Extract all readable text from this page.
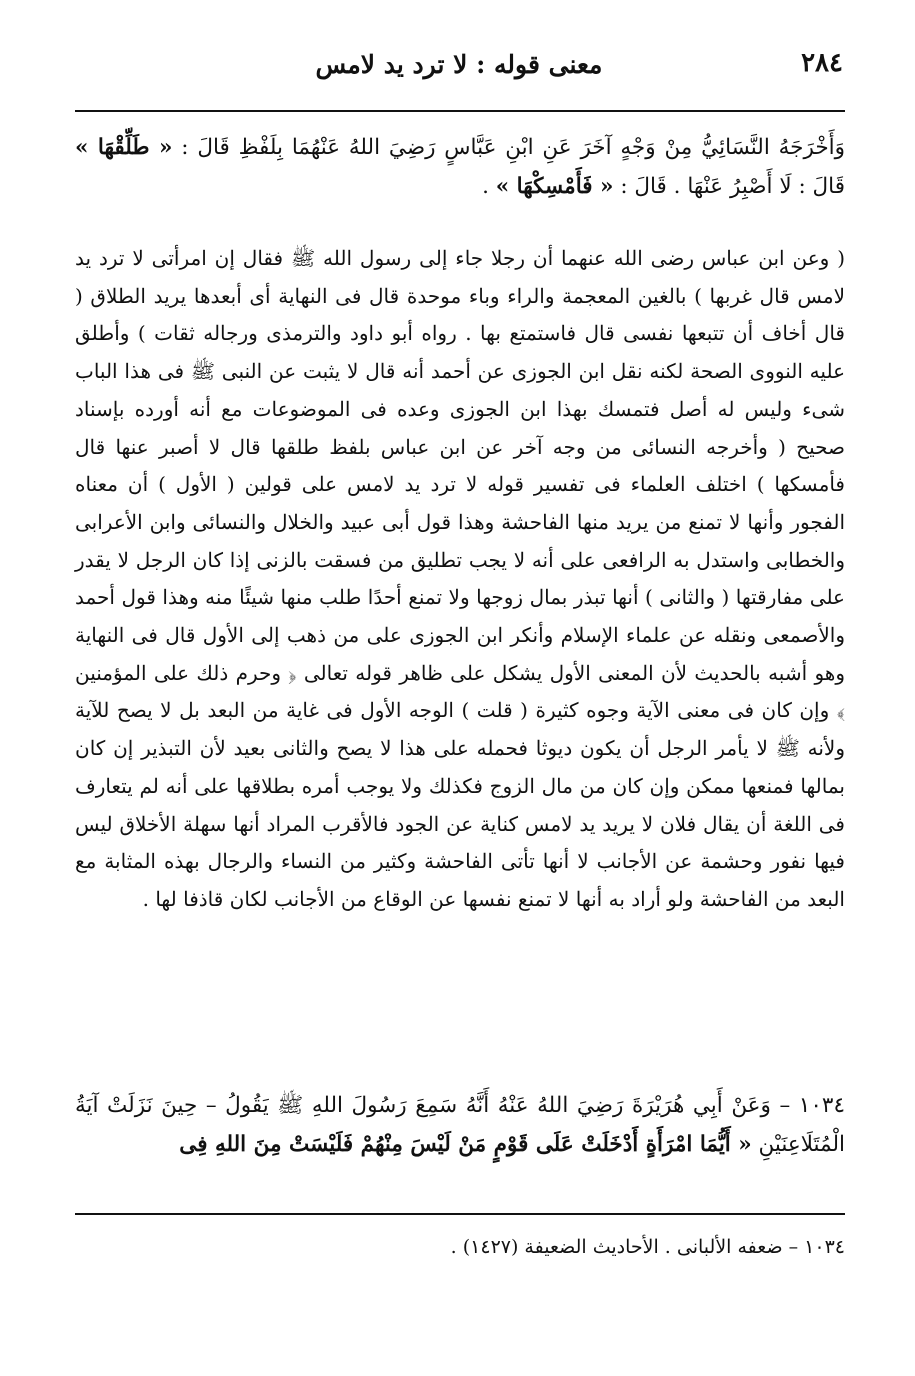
٢٨٤
معنى قوله : لا ترد يد لامس
وَأَخْرَجَهُ النَّسَائِيُّ مِنْ وَجْهٍ آخَرَ عَنِ ابْنِ عَبَّاسٍ رَضِيَ اللهُ عَنْهُمَا بِلَفْظِ قَالَ : « طَلِّقْهَا » قَالَ : لَا أَصْبِرُ عَنْهَا . قَالَ : « فَأَمْسِكْهَا » .
( وعن ابن عباس رضى الله عنهما أن رجلا جاء إلى رسول الله ﷺ فقال إن امرأتى لا ترد يد لامس قال غربها ) بالغين المعجمة والراء وباء موحدة قال فى النهاية أى أبعدها يريد الطلاق ( قال أخاف أن تتبعها نفسى قال فاستمتع بها . رواه أبو داود والترمذى ورجاله ثقات ) وأطلق عليه النووى الصحة لكنه نقل ابن الجوزى عن أحمد أنه قال لا يثبت عن النبى ﷺ فى هذا الباب شىء وليس له أصل فتمسك بهذا ابن الجوزى وعده فى الموضوعات مع أنه أورده بإسناد صحيح ( وأخرجه النسائى من وجه آخر عن ابن عباس بلفظ طلقها قال لا أصبر عنها قال فأمسكها ) اختلف العلماء فى تفسير قوله لا ترد يد لامس على قولين ( الأول ) أن معناه الفجور وأنها لا تمنع من يريد منها الفاحشة وهذا قول أبى عبيد والخلال والنسائى وابن الأعرابى والخطابى واستدل به الرافعى على أنه لا يجب تطليق من فسقت بالزنى إذا كان الرجل لا يقدر على مفارقتها ( والثانى ) أنها تبذر بمال زوجها ولا تمنع أحدًا طلب منها شيئًا منه وهذا قول أحمد والأصمعى ونقله عن علماء الإسلام وأنكر ابن الجوزى على من ذهب إلى الأول قال فى النهاية وهو أشبه بالحديث لأن المعنى الأول يشكل على ظاهر قوله تعالى ﴿ وحرم ذلك على المؤمنين ﴾ وإن كان فى معنى الآية وجوه كثيرة ( قلت ) الوجه الأول فى غاية من البعد بل لا يصح للآية ولأنه ﷺ لا يأمر الرجل أن يكون ديوثا فحمله على هذا لا يصح والثانى بعيد لأن التبذير إن كان بمالها فمنعها ممكن وإن كان من مال الزوج فكذلك ولا يوجب أمره بطلاقها على أنه لم يتعارف فى اللغة أن يقال فلان لا يريد يد لامس كناية عن الجود فالأقرب المراد أنها سهلة الأخلاق ليس فيها نفور وحشمة عن الأجانب لا أنها تأتى الفاحشة وكثير من النساء والرجال بهذه المثابة مع البعد من الفاحشة ولو أراد به أنها لا تمنع نفسها عن الوقاع من الأجانب لكان قاذفا لها .
١٠٣٤ – وَعَنْ أَبِي هُرَيْرَةَ رَضِيَ اللهُ عَنْهُ أَنَّهُ سَمِعَ رَسُولَ اللهِ ﷺ يَقُولُ – حِينَ نَزَلَتْ آيَةُ الْمُتَلَاعِنَيْنِ « أَيُّمَا امْرَأَةٍ أَدْخَلَتْ عَلَى قَوْمٍ مَنْ لَيْسَ مِنْهُمْ فَلَيْسَتْ مِنَ اللهِ فِى
١٠٣٤ – ضعفه الألبانى . الأحاديث الضعيفة (١٤٢٧) .
